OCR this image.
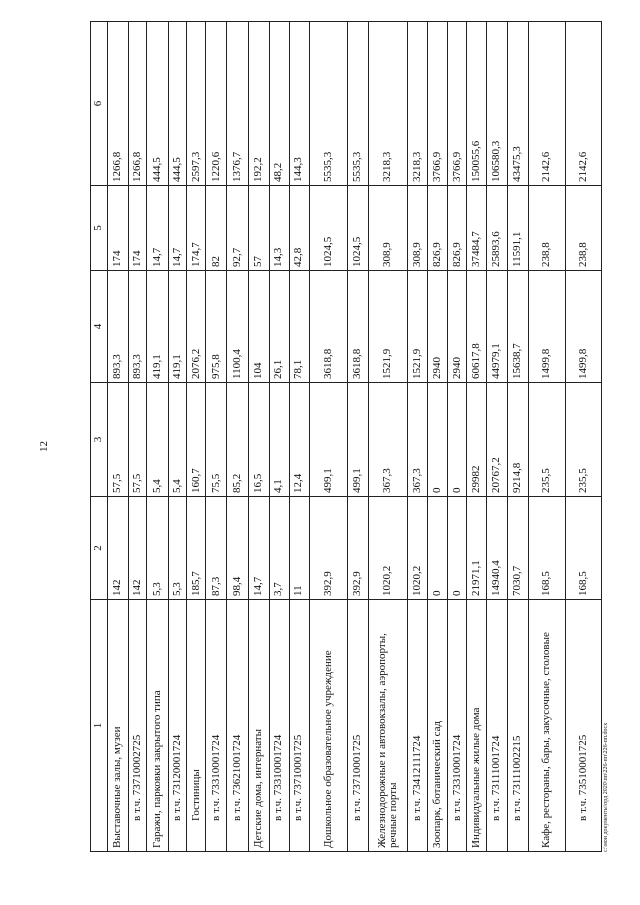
12
1	2	3	4	5	6
Выставочные залы, музеи	142	57,5	893,3	174	1266,8
в т.ч. 73710002725	142	57,5	893,3	174	1266,8
Гаражи, парковки закрытого типа	5,3	5,4	419,1	14,7	444,5
в т.ч. 73120001724	5,3	5,4	419,1	14,7	444,5
Гостиницы	185,7	160,7	2076,2	174,7	2597,3
в т.ч. 73310001724	87,3	75,5	975,8	82	1220,6
в т.ч. 73621001724	98,4	85,2	1100,4	92,7	1376,7
Детские дома, интернаты	14,7	16,5	104	57	192,2
в т.ч. 73310001724	3,7	4,1	26,1	14,3	48,2
в т.ч. 73710001725	11	12,4	78,1	42,8	144,3
Дошкольное образовательное учреждение	392,9	499,1	3618,8	1024,5	5535,3
в т.ч. 73710001725	392,9	499,1	3618,8	1024,5	5535,3
Железнодорожные и автовокзалы, аэропорты, речные порты	1020,2	367,3	1521,9	308,9	3218,3
в т.ч. 73412111724	1020,2	367,3	1521,9	308,9	3218,3
Зоопарк, ботанический сад	0	0	2940	826,9	3766,9
в т.ч. 73310001724	0	0	2940	826,9	3766,9
Индивидуальные жилые дома	21971,1	29982	60617,8	37484,7	150055,6
в т.ч. 73111001724	14940,4	20767,2	44979,1	25893,6	106580,3
в т.ч. 73111002215	7030,7	9214,8	15638,7	11591,1	43475,3
Кафе, рестораны, бары, закусочные, столовые	168,5	235,5	1499,8	238,8	2142,6
в т.ч. 73510001725	168,5	235,5	1499,8	238,8	2142,6
c:\мои документы\орд 2020\пп\226-пп\226-пп.docx
